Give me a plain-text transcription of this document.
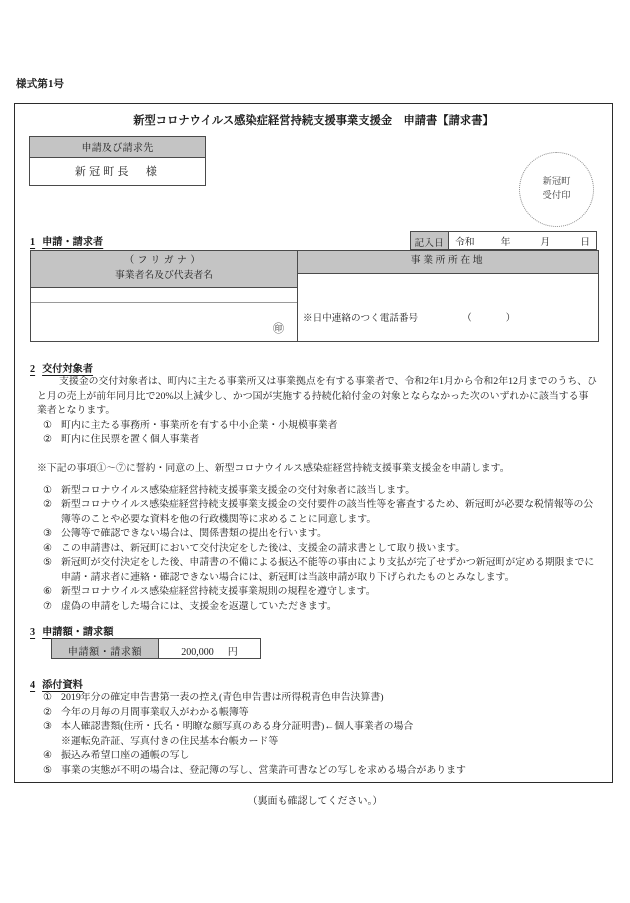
様式第1号
新型コロナウイルス感染症経営持続支援事業支援金　申請書【請求書】
申請及び請求先
新冠町長　様
新冠町
受付印
1 申請・請求者	記入日	令和	年	月	日
（フリガナ）
事業者名及び代表者名
㊞
事業所所在地
※日中連絡のつく電話番号	（	）
2 交付対象者

支援金の交付対象者は、町内に主たる事業所又は事業拠点を有する事業者で、令和2年1月から令和2年12月までのうち、ひと月の売上が前年同月比で20%以上減少し、かつ国が実施する持続化給付金の対象とならなかった次のいずれかに該当する事業者となります。

① 町内に主たる事務所・事業所を有する中小企業・小規模事業者
② 町内に住民票を置く個人事業者

※下記の事項①～⑦に誓約・同意の上、新型コロナウイルス感染症経営持続支援事業支援金を申請します。

① 新型コロナウイルス感染症経営持続支援事業支援金の交付対象者に該当します。
② 新型コロナウイルス感染症経営持続支援事業支援金の交付要件の該当性等を審査するため、新冠町が必要な税情報等の公簿等のことや必要な資料を他の行政機関等に求めることに同意します。
③ 公簿等で確認できない場合は、関係書類の提出を行います。
④ この申請書は、新冠町において交付決定をした後は、支援金の請求書として取り扱います。
⑤ 新冠町が交付決定をした後、申請書の不備による振込不能等の事由により支払が完了せずかつ新冠町が定める期限までに申請・請求者に連絡・確認できない場合には、新冠町は当該申請が取り下げられたものとみなします。
⑥ 新型コロナウイルス感染症経営持続支援事業規則の規程を遵守します。
⑦ 虚偽の申請をした場合には、支援金を返還していただきます。
3 申請額・請求額
申請額・請求額	200,000 円
4 添付資料
① 2019年分の確定申告書第一表の控え(青色申告書は所得税青色申告決算書)
② 今年の月毎の月間事業収入がわかる帳簿等
③ 本人確認書類(住所・氏名・明瞭な顔写真のある身分証明書)←個人事業者の場合
※運転免許証、写真付きの住民基本台帳カード等
④ 振込み希望口座の通帳の写し
⑤ 事業の実態が不明の場合は、登記簿の写し、営業許可書などの写しを求める場合があります
（裏面も確認してください。）
